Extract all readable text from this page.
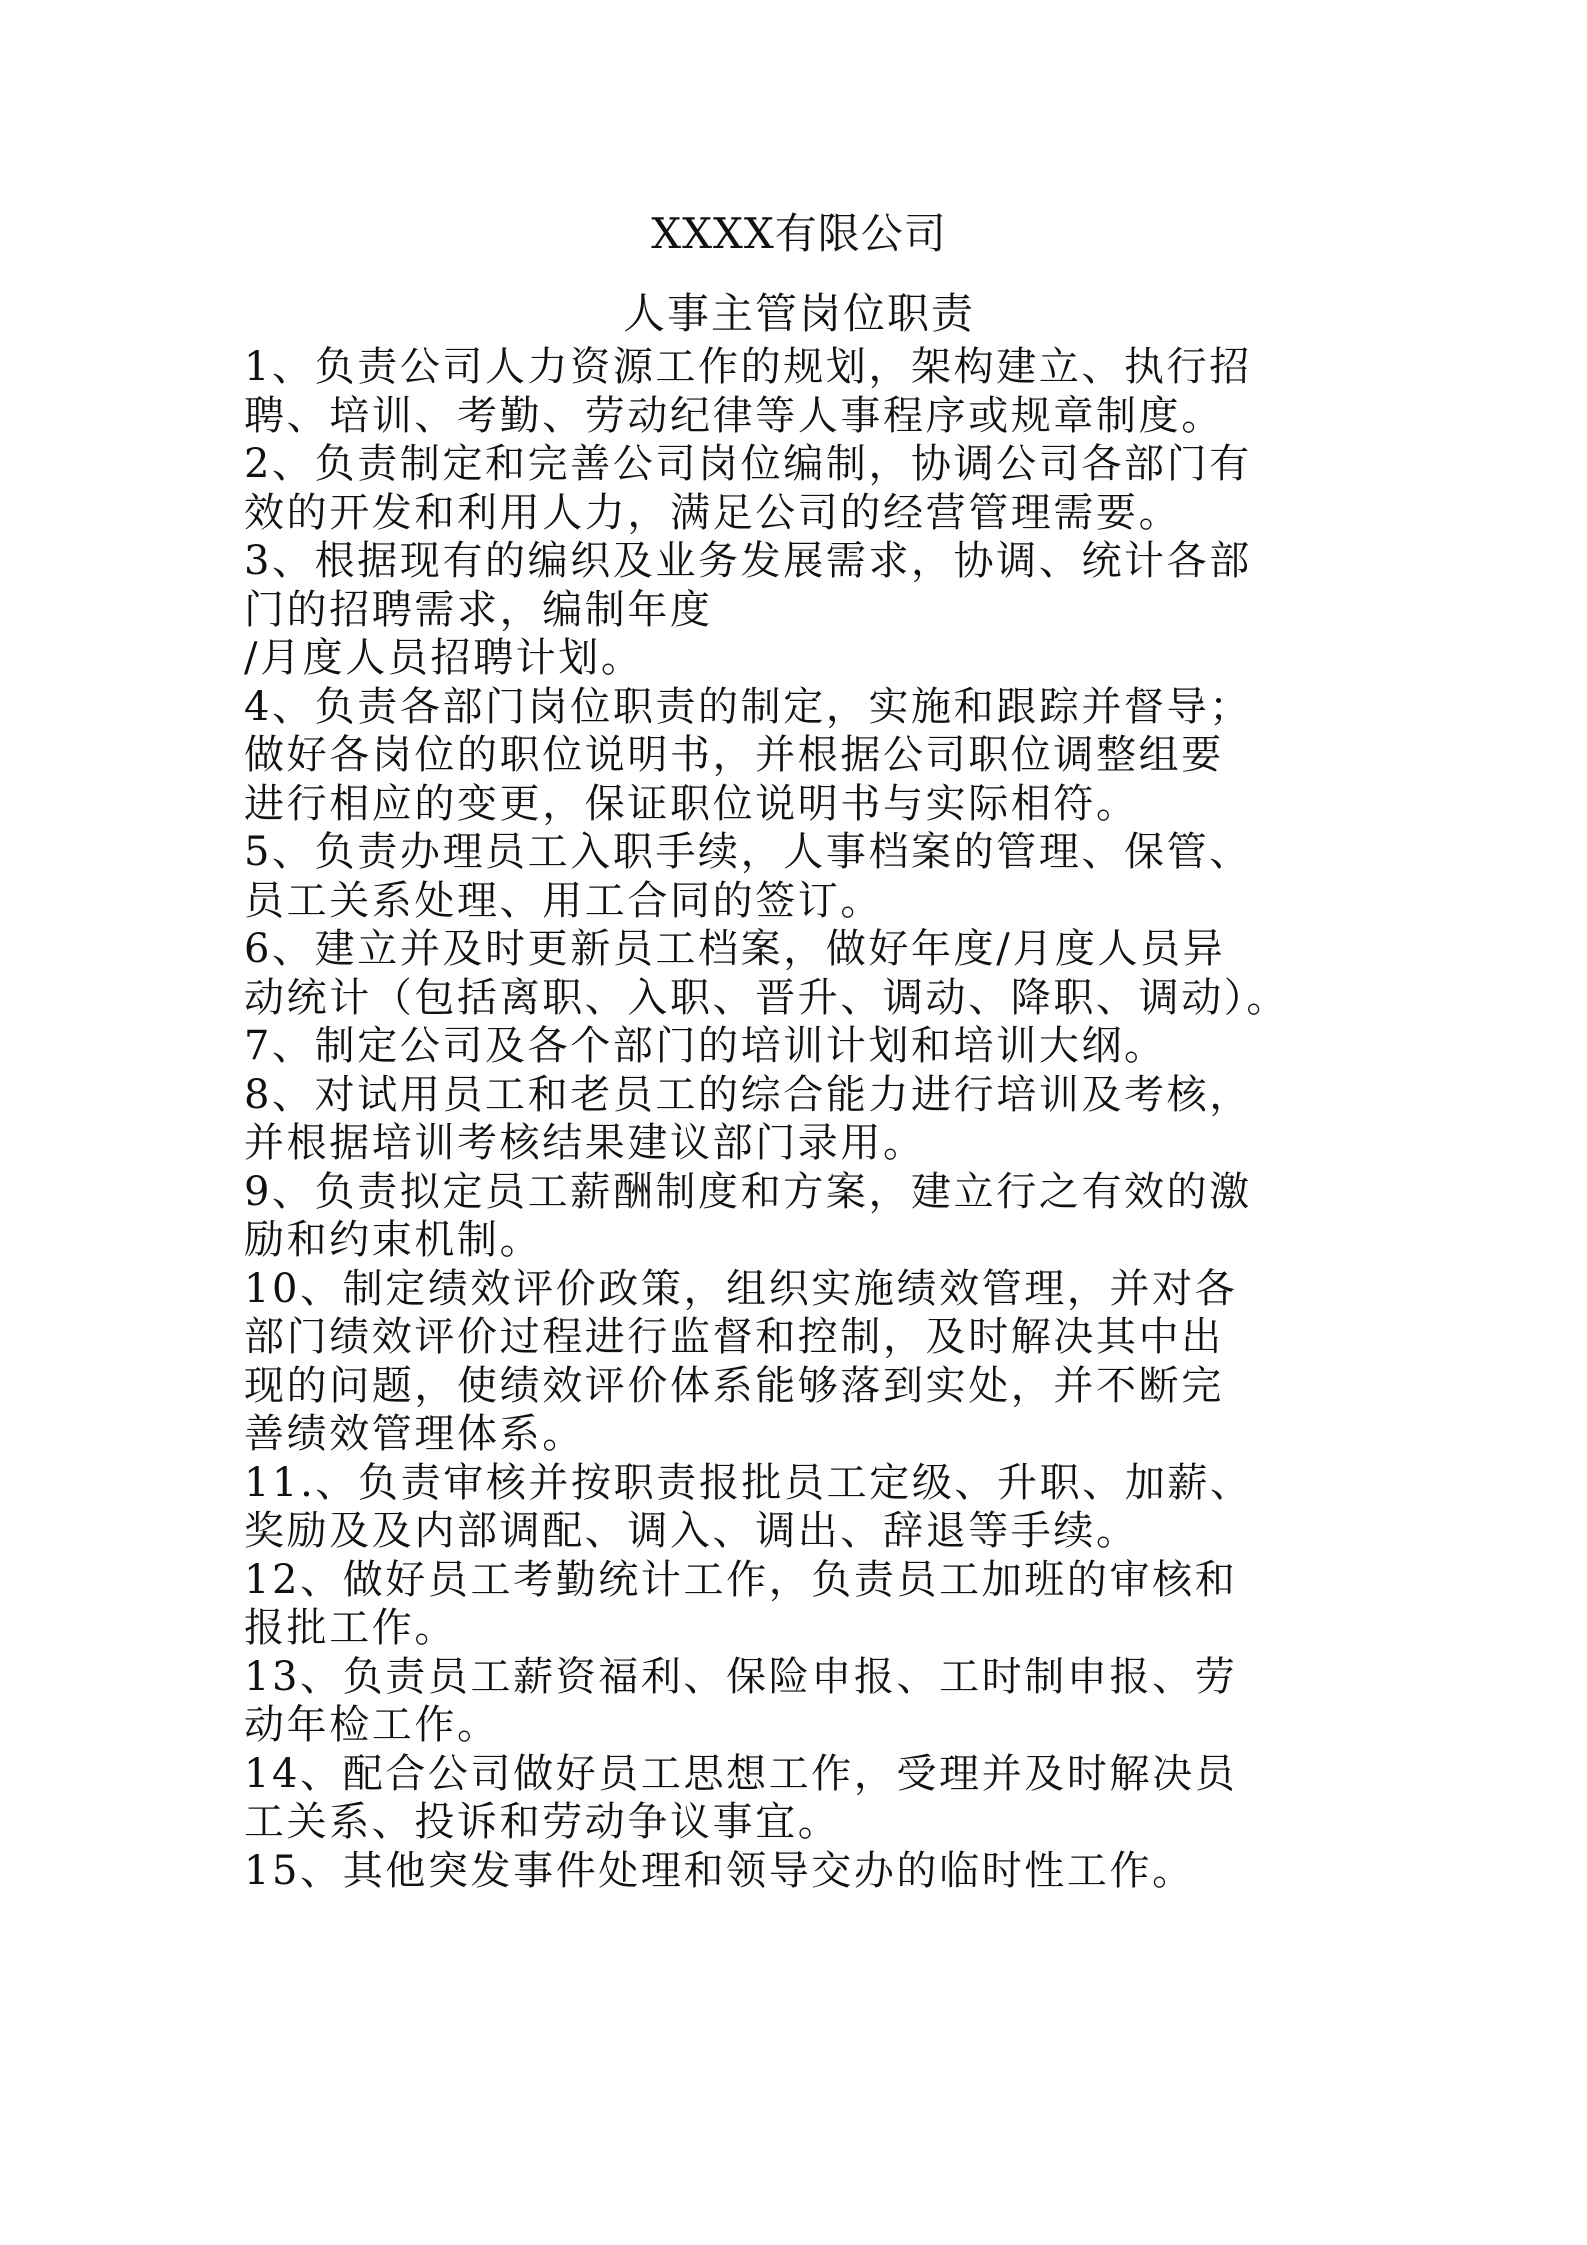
XXXX有限公司
人事主管岗位职责
1、负责公司人力资源工作的规划，架构建立、执行招
聘、培训、考勤、劳动纪律等人事程序或规章制度。
2、负责制定和完善公司岗位编制，协调公司各部门有
效的开发和利用人力，满足公司的经营管理需要。
3、根据现有的编织及业务发展需求，协调、统计各部
门的招聘需求，编制年度
/月度人员招聘计划。
4、负责各部门岗位职责的制定，实施和跟踪并督导；
做好各岗位的职位说明书，并根据公司职位调整组要
进行相应的变更，保证职位说明书与实际相符。
5、负责办理员工入职手续，人事档案的管理、保管、
员工关系处理、用工合同的签订。
6、建立并及时更新员工档案，做好年度/月度人员异
动统计（包括离职、入职、晋升、调动、降职、调动）。
7、制定公司及各个部门的培训计划和培训大纲。
8、对试用员工和老员工的综合能力进行培训及考核，
并根据培训考核结果建议部门录用。
9、负责拟定员工薪酬制度和方案，建立行之有效的激
励和约束机制。
10、制定绩效评价政策，组织实施绩效管理，并对各
部门绩效评价过程进行监督和控制，及时解决其中出
现的问题，使绩效评价体系能够落到实处，并不断完
善绩效管理体系。
11.、负责审核并按职责报批员工定级、升职、加薪、
奖励及及内部调配、调入、调出、辞退等手续。
12、做好员工考勤统计工作，负责员工加班的审核和
报批工作。
13、负责员工薪资福利、保险申报、工时制申报、劳
动年检工作。
14、配合公司做好员工思想工作，受理并及时解决员
工关系、投诉和劳动争议事宜。
15、其他突发事件处理和领导交办的临时性工作。
